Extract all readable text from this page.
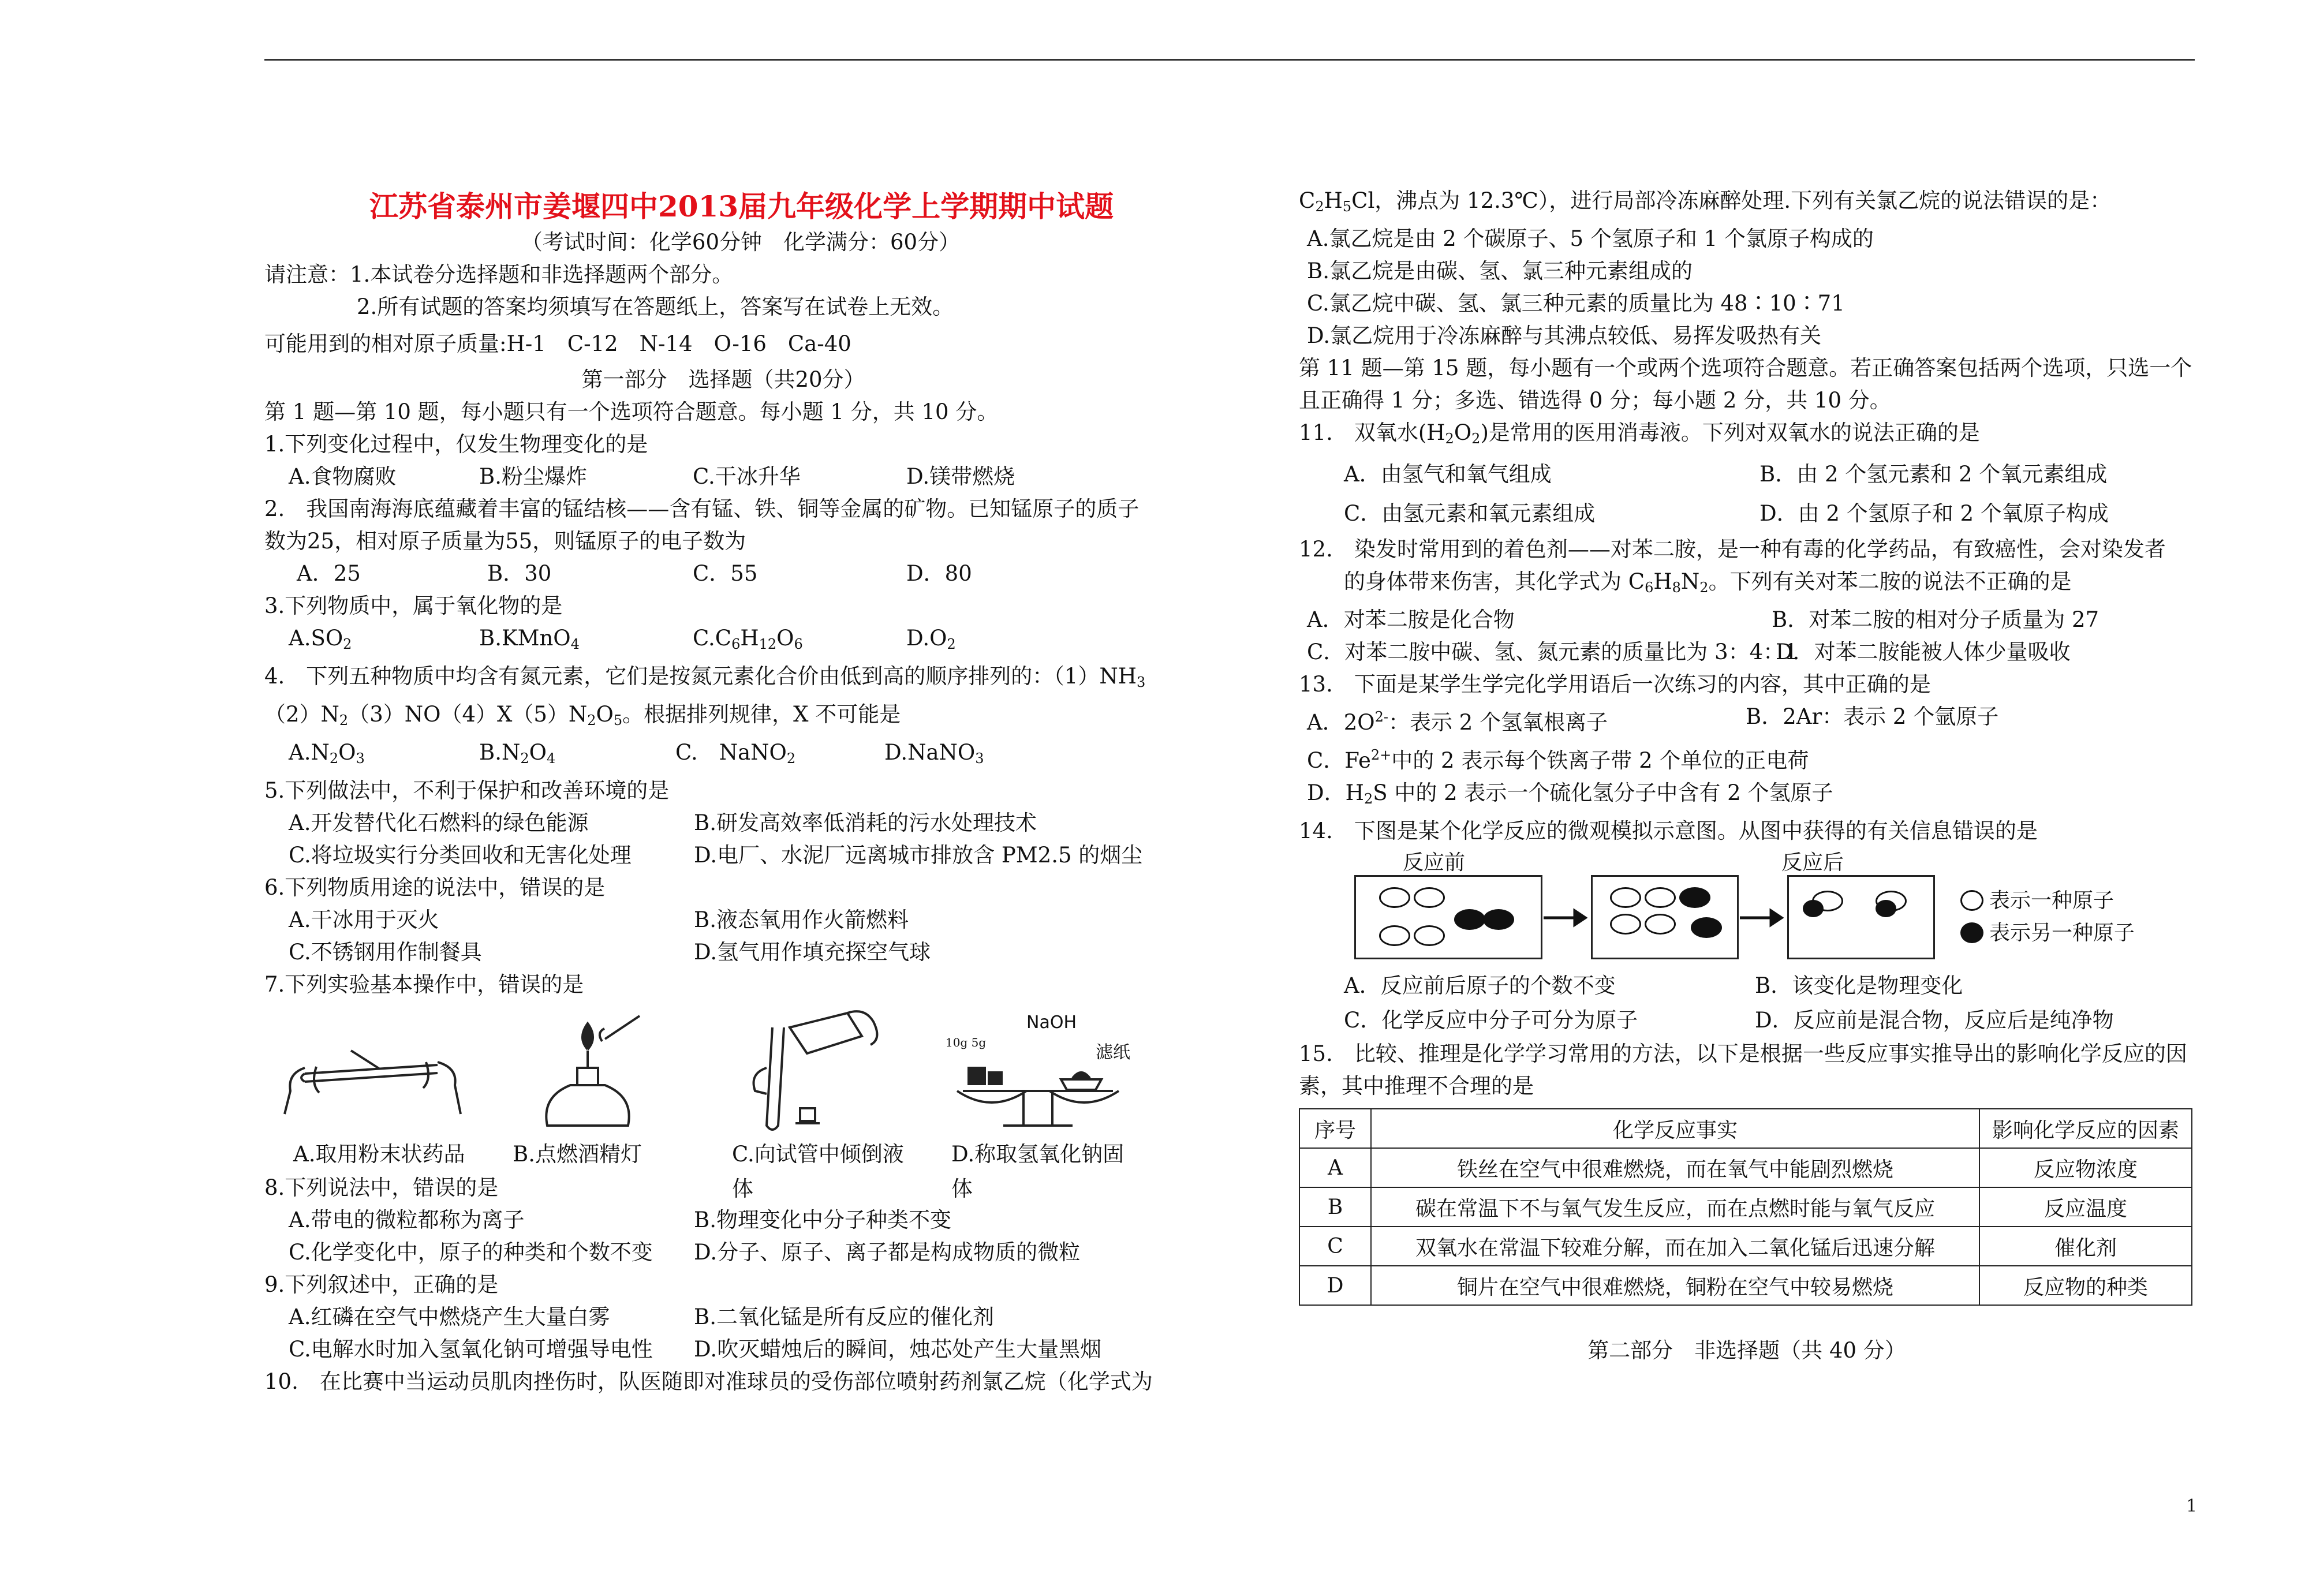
江苏省泰州市姜堰四中2013届九年级化学上学期期中试题
（考试时间：化学60分钟　化学满分：60分）
请注意：1.本试卷分选择题和非选择题两个部分。
2.所有试题的答案均须填写在答题纸上，答案写在试卷上无效。
可能用到的相对原子质量:H-1　C-12　N-14　O-16　Ca-40
第一部分　选择题（共20分）
第 1 题—第 10 题，每小题只有一个选项符合题意。每小题 1 分，共 10 分。
1.下列变化过程中，仅发生物理变化的是
A.食物腐败	B.粉尘爆炸	C.干冰升华	D.镁带燃烧
2.　我国南海海底蕴藏着丰富的锰结核——含有锰、铁、铜等金属的矿物。已知锰原子的质子
数为25，相对原子质量为55，则锰原子的电子数为
A．25	B．30	C．55	D．80
3.下列物质中，属于氧化物的是
A.SO2	B.KMnO4	C.C6H12O6	D.O2
4.　下列五种物质中均含有氮元素，它们是按氮元素化合价由低到高的顺序排列的：$(1)NH_3$
$(2)N_2(3)NO(4)X(5)N_2O_5$。根据排列规律，X 不可能是
A.N2O3	B.N2O4	C.　NaNO2	D.NaNO3
5.下列做法中，不利于保护和改善环境的是
A.开发替代化石燃料的绿色能源	B.研发高效率低消耗的污水处理技术
C.将垃圾实行分类回收和无害化处理	D.电厂、水泥厂远离城市排放含 PM2.5 的烟尘
6.下列物质用途的说法中，错误的是
A.干冰用于灭火	B.液态氧用作火箭燃料
C.不锈钢用作制餐具	D.氢气用作填充探空气球
7.下列实验基本操作中，错误的是
NaOH
滤纸
10g 5g
A.取用粉末状药品	B.点燃酒精灯	C.向试管中倾倒液体
D.称取氢氧化钠固体
8.下列说法中，错误的是
A.带电的微粒都称为离子	B.物理变化中分子种类不变
C.化学变化中，原子的种类和个数不变	D.分子、原子、离子都是构成物质的微粒
9.下列叙述中，正确的是
A.红磷在空气中燃烧产生大量白雾	B.二氧化锰是所有反应的催化剂
C.电解水时加入氢氧化钠可增强导电性	D.吹灭蜡烛后的瞬间，烛芯处产生大量黑烟
10.　在比赛中当运动员肌肉挫伤时，队医随即对准球员的受伤部位喷射药剂氯乙烷（化学式为
$C_2H_5Cl$，沸点为 12.3℃），进行局部冷冻麻醉处理.下列有关氯乙烷的说法错误的是：
A.氯乙烷是由 2 个碳原子、5 个氢原子和 1 个氯原子构成的
B.氯乙烷是由碳、氢、氯三种元素组成的
C.氯乙烷中碳、氢、氯三种元素的质量比为 48∶10∶71
D.氯乙烷用于冷冻麻醉与其沸点较低、易挥发吸热有关
第 11 题—第 15 题，每小题有一个或两个选项符合题意。若正确答案包括两个选项，只选一个
且正确得 1 分；多选、错选得 0 分；每小题 2 分，共 10 分。
11.　双氧水$(H_2O_2)$是常用的医用消毒液。下列对双氧水的说法正确的是
A．由氢气和氧气组成	B．由 2 个氢元素和 2 个氧元素组成
C．由氢元素和氧元素组成	D．由 2 个氢原子和 2 个氧原子构成
12.　染发时常用到的着色剂——对苯二胺，是一种有毒的化学药品，有致癌性，会对染发者
的身体带来伤害，其化学式为 $C_6H_8N_2$。下列有关对苯二胺的说法不正确的是
A．对苯二胺是化合物	B．对苯二胺的相对分子质量为 27
C．对苯二胺中碳、氢、氮元素的质量比为 3：4：1
D．对苯二胺能被人体少量吸收
13.　下面是某学生学完化学用语后一次练习的内容，其中正确的是
A．2O2-：表示 2 个氢氧根离子	B．2Ar：表示 2 个氩原子
C．$Fe^{2+}$中的 2 表示每个铁离子带 2 个单位的正电荷
D．$H_2S$ 中的 2 表示一个硫化氢分子中含有 2 个氢原子
14.　下图是某个化学反应的微观模拟示意图。从图中获得的有关信息错误的是
反应前	反应后
表示一种原子
表示另一种原子
A．反应前后原子的个数不变	B．该变化是物理变化
C．化学反应中分子可分为原子	D．反应前是混合物，反应后是纯净物
15.　比较、推理是化学学习常用的方法，以下是根据一些反应事实推导出的影响化学反应的因
素，其中推理不合理的是
序号	化学反应事实	影响化学反应的因素
A	铁丝在空气中很难燃烧，而在氧气中能剧烈燃烧	反应物浓度
B	碳在常温下不与氧气发生反应，而在点燃时能与氧气反应	反应温度
C	双氧水在常温下较难分解，而在加入二氧化锰后迅速分解	催化剂
D	铜片在空气中很难燃烧，铜粉在空气中较易燃烧	反应物的种类
第二部分　非选择题（共 40 分）
1
